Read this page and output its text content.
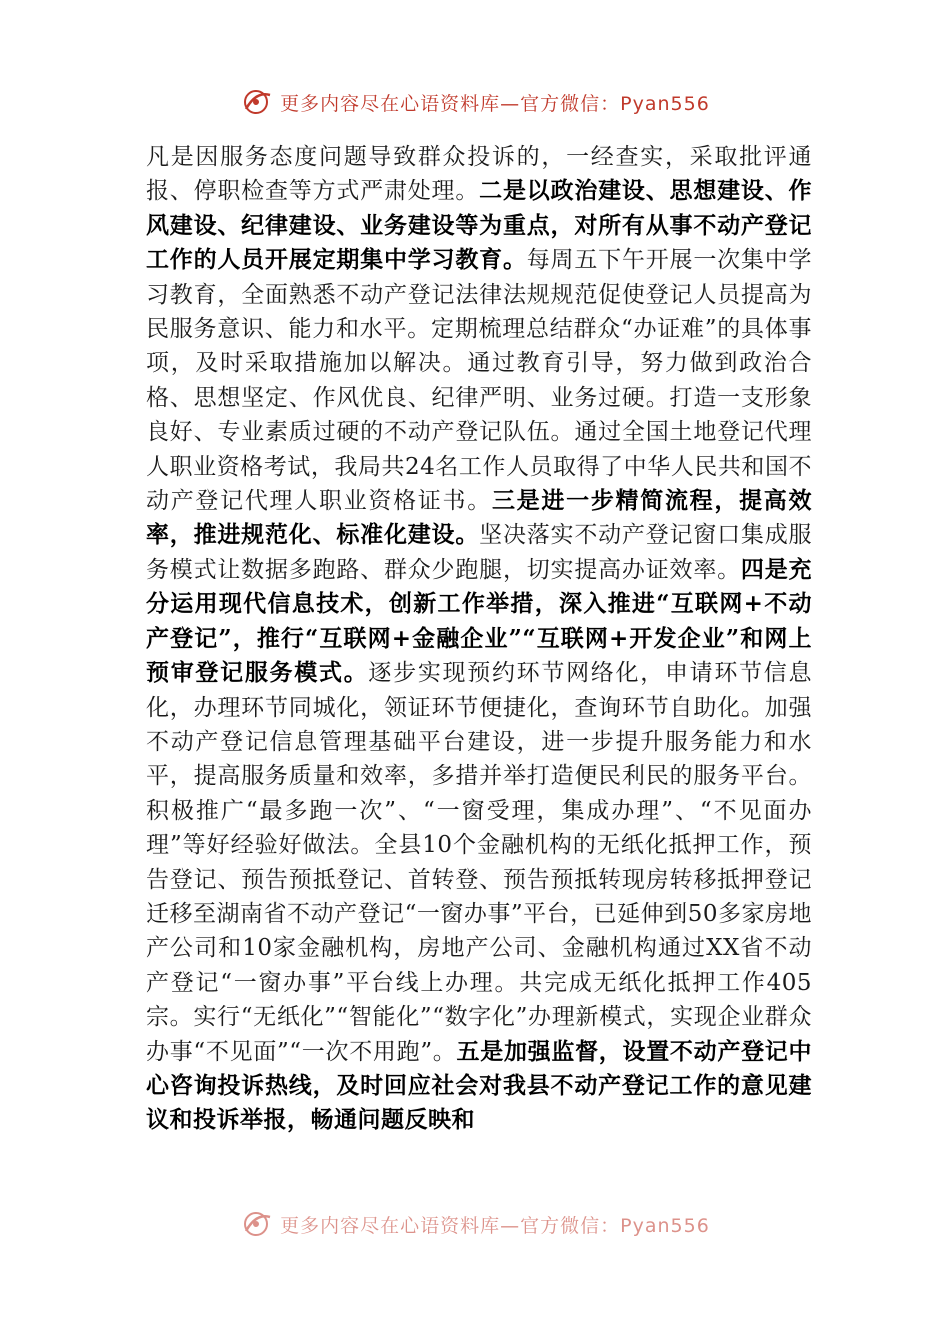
更多内容尽在心语资料库—官方微信：Pyan556

凡是因服务态度问题导致群众投诉的，一经查实，采取批评通报、停职检查等方式严肃处理。二是以政治建设、思想建设、作风建设、纪律建设、业务建设等为重点，对所有从事不动产登记工作的人员开展定期集中学习教育。每周五下午开展一次集中学习教育，全面熟悉不动产登记法律法规规范促使登记人员提高为民服务意识、能力和水平。定期梳理总结群众“办证难”的具体事项，及时采取措施加以解决。通过教育引导，努力做到政治合格、思想坚定、作风优良、纪律严明、业务过硬。打造一支形象良好、专业素质过硬的不动产登记队伍。通过全国土地登记代理人职业资格考试，我局共24名工作人员取得了中华人民共和国不动产登记代理人职业资格证书。三是进一步精简流程，提高效率，推进规范化、标准化建设。坚决落实不动产登记窗口集成服务模式让数据多跑路、群众少跑腿，切实提高办证效率。四是充分运用现代信息技术，创新工作举措，深入推进“互联网+不动产登记”，推行“互联网+金融企业”“互联网+开发企业”和网上预审登记服务模式。逐步实现预约环节网络化，申请环节信息化，办理环节同城化，领证环节便捷化，查询环节自助化。加强不动产登记信息管理基础平台建设，进一步提升服务能力和水平，提高服务质量和效率，多措并举打造便民利民的服务平台。积极推广“最多跑一次”、“一窗受理，集成办理”、“不见面办理”等好经验好做法。全县10个金融机构的无纸化抵押工作，预告登记、预告预抵登记、首转登、预告预抵转现房转移抵押登记迁移至湖南省不动产登记“一窗办事”平台，已延伸到50多家房地产公司和10家金融机构，房地产公司、金融机构通过XX省不动产登记“一窗办事”平台线上办理。共完成无纸化抵押工作405宗。实行“无纸化”“智能化”“数字化”办理新模式，实现企业群众办事“不见面”“一次不用跑”。五是加强监督，设置不动产登记中心咨询投诉热线，及时回应社会对我县不动产登记工作的意见建议和投诉举报，畅通问题反映和

更多内容尽在心语资料库—官方微信：Pyan556
